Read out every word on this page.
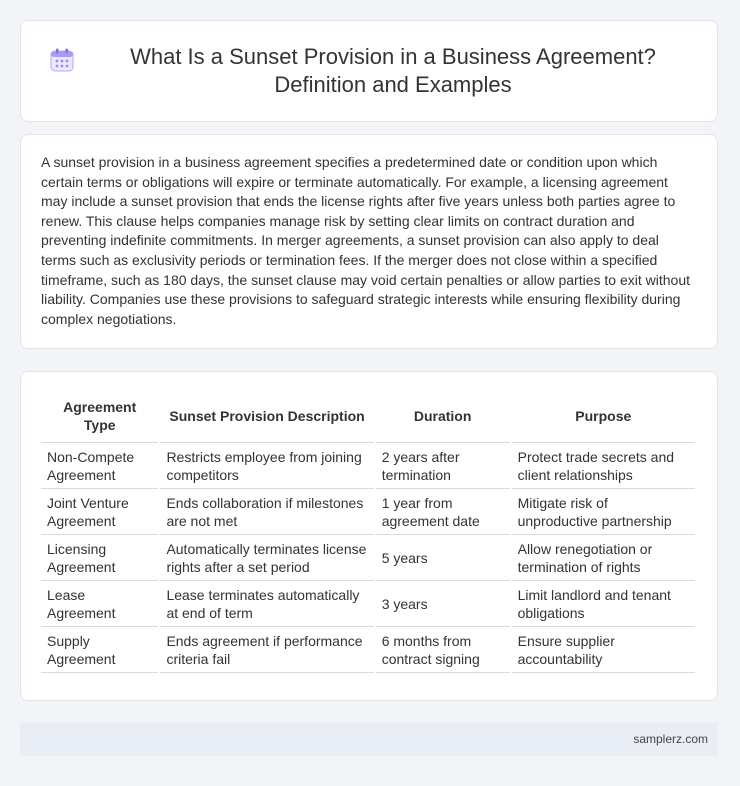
What Is a Sunset Provision in a Business Agreement? Definition and Examples

A sunset provision in a business agreement specifies a predetermined date or condition upon which certain terms or obligations will expire or terminate automatically. For example, a licensing agreement may include a sunset provision that ends the license rights after five years unless both parties agree to renew. This clause helps companies manage risk by setting clear limits on contract duration and preventing indefinite commitments. In merger agreements, a sunset provision can also apply to deal terms such as exclusivity periods or termination fees. If the merger does not close within a specified timeframe, such as 180 days, the sunset clause may void certain penalties or allow parties to exit without liability. Companies use these provisions to safeguard strategic interests while ensuring flexibility during complex negotiations.

Agreement Type	Sunset Provision Description	Duration	Purpose
Non-Compete Agreement	Restricts employee from joining competitors	2 years after termination	Protect trade secrets and client relationships
Joint Venture Agreement	Ends collaboration if milestones are not met	1 year from agreement date	Mitigate risk of unproductive partnership
Licensing Agreement	Automatically terminates license rights after a set period	5 years	Allow renegotiation or termination of rights
Lease Agreement	Lease terminates automatically at end of term	3 years	Limit landlord and tenant obligations
Supply Agreement	Ends agreement if performance criteria fail	6 months from contract signing	Ensure supplier accountability
samplerz.com
